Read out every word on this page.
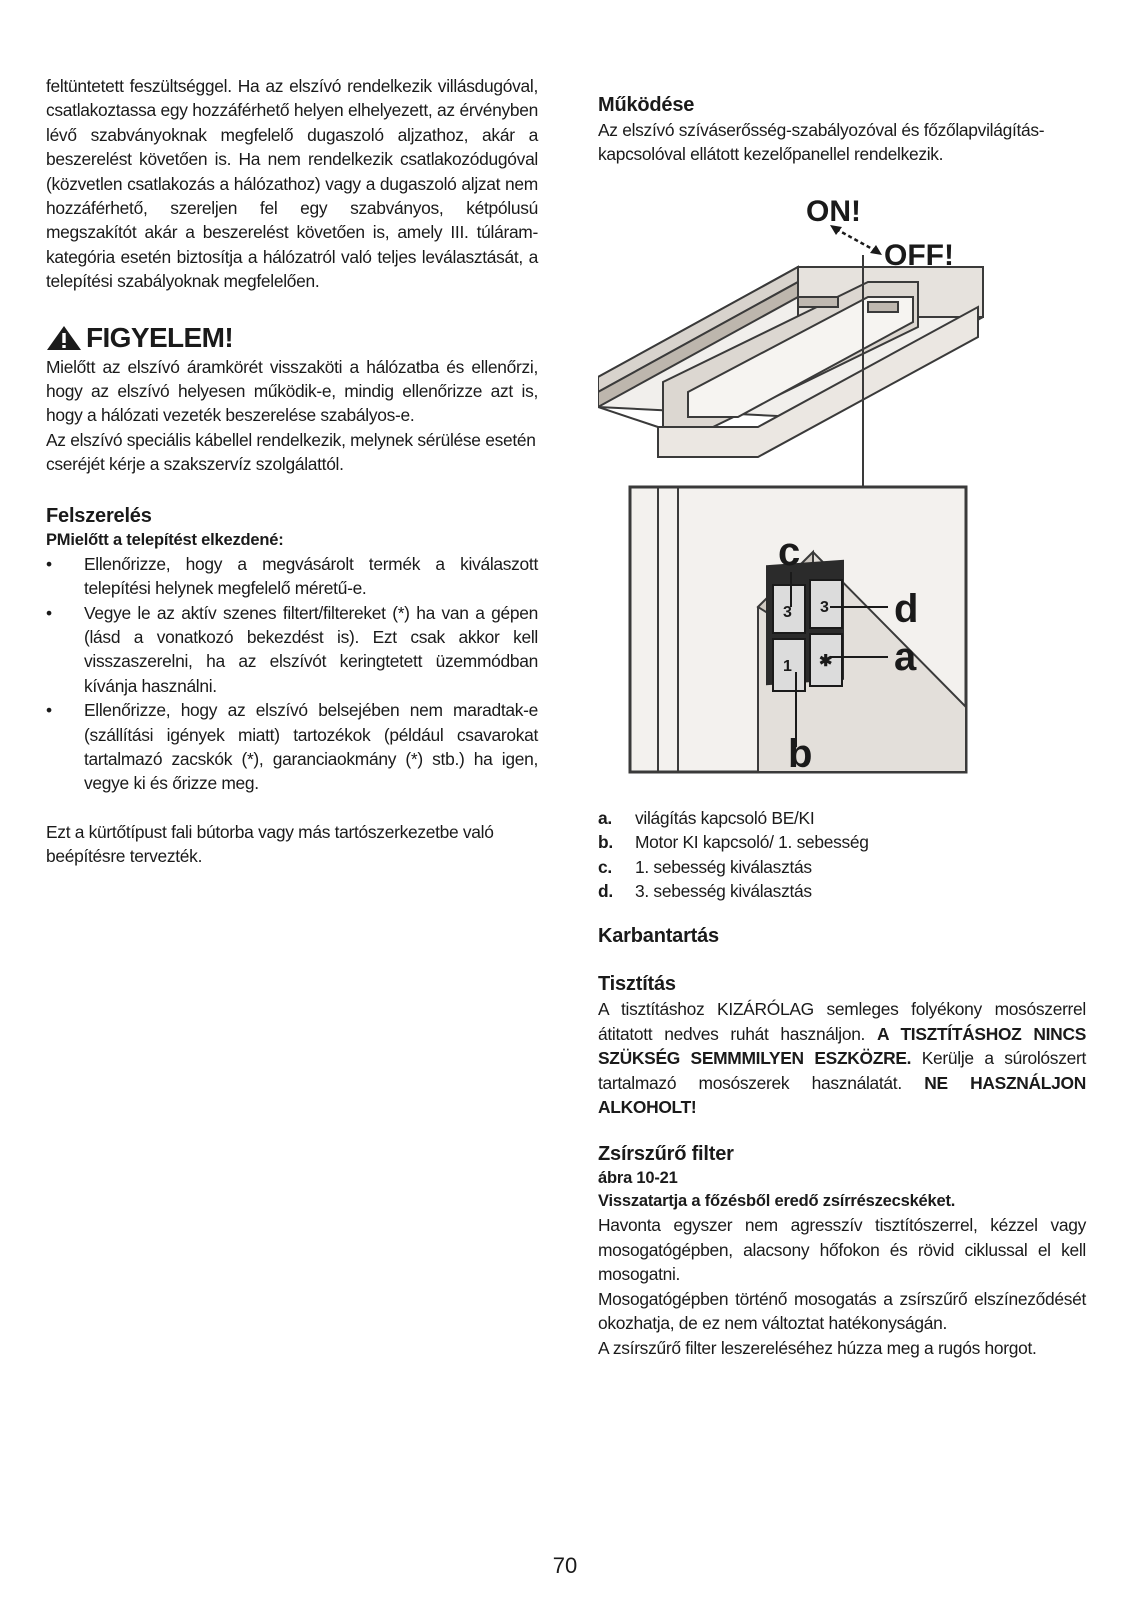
feltüntetett feszültséggel. Ha az elszívó rendelkezik villásdugóval, csatlakoztassa egy hozzáférhető helyen elhelyezett, az érvényben lévő szabványoknak megfelelő dugaszoló aljzathoz, akár a beszerelést követően is. Ha nem rendelkezik csatlakozódugóval (közvetlen csatlakozás a hálózathoz) vagy a dugaszoló aljzat nem hozzáférhető, szereljen fel egy szabványos, kétpólusú megszakítót akár a beszerelést követően is, amely III. túláram-kategória esetén biztosítja a hálózatról való teljes leválasztását, a telepítési szabályoknak megfelelően.

FIGYELEM!

Mielőtt az elszívó áramkörét visszaköti a hálózatba és ellenőrzi, hogy az elszívó helyesen működik-e, mindig ellenőrizze azt is, hogy a hálózati vezeték beszerelése szabályos-e.

Az elszívó speciális kábellel rendelkezik, melynek sérülése esetén cseréjét kérje a szakszervíz szolgálattól.

Felszerelés
PMielőtt a telepítést elkezdené:
• Ellenőrizze, hogy a megvásárolt termék a kiválaszott telepítési helynek megfelelő méretű-e.
• Vegye le az aktív szenes filtert/filtereket (*) ha van a gépen (lásd a vonatkozó bekezdést is). Ezt csak akkor kell visszaszerelni, ha az elszívót keringtetett üzemmódban kívánja használni.
• Ellenőrizze, hogy az elszívó belsejében nem maradtak-e (szállítási igények miatt) tartozékok (például csavarokat tartalmazó zacskók (*), garanciaokmány (*) stb.) ha igen, vegye ki és őrizze meg.

Ezt a kürtőtípust fali bútorba vagy más tartószerkezetbe való beépítésre tervezték.

Működése

Az elszívó szíváserősség-szabályozóval és főzőlapvilágítás-kapcsolóval ellátott kezelőpanellel rendelkezik.

ON!
OFF!
3 3
1 ✱
c
d
a
b
a. világítás kapcsoló BE/KI
b. Motor KI kapcsoló/ 1. sebesség
c. 1. sebesség kiválasztás
d. 3. sebesség kiválasztás
Karbantartás
Tisztítás

A tisztításhoz KIZÁRÓLAG semleges folyékony mosószerrel átitatott nedves ruhát használjon. A TISZTÍTÁSHOZ NINCS SZÜKSÉG SEMMMILYEN ESZKÖZRE. Kerülje a súrolószert tartalmazó mosószerek használatát. NE HASZNÁLJON ALKOHOLT!

Zsírszűrő filter
ábra 10-21
Visszatartja a főzésből eredő zsírrészecskéket.

Havonta egyszer nem agresszív tisztítószerrel, kézzel vagy mosogatógépben, alacsony hőfokon és rövid ciklussal el kell mosogatni.

Mosogatógépben történő mosogatás a zsírszűrő elszíneződését okozhatja, de ez nem változtat hatékonyságán.

A zsírszűrő filter leszereléséhez húzza meg a rugós horgot.

70
